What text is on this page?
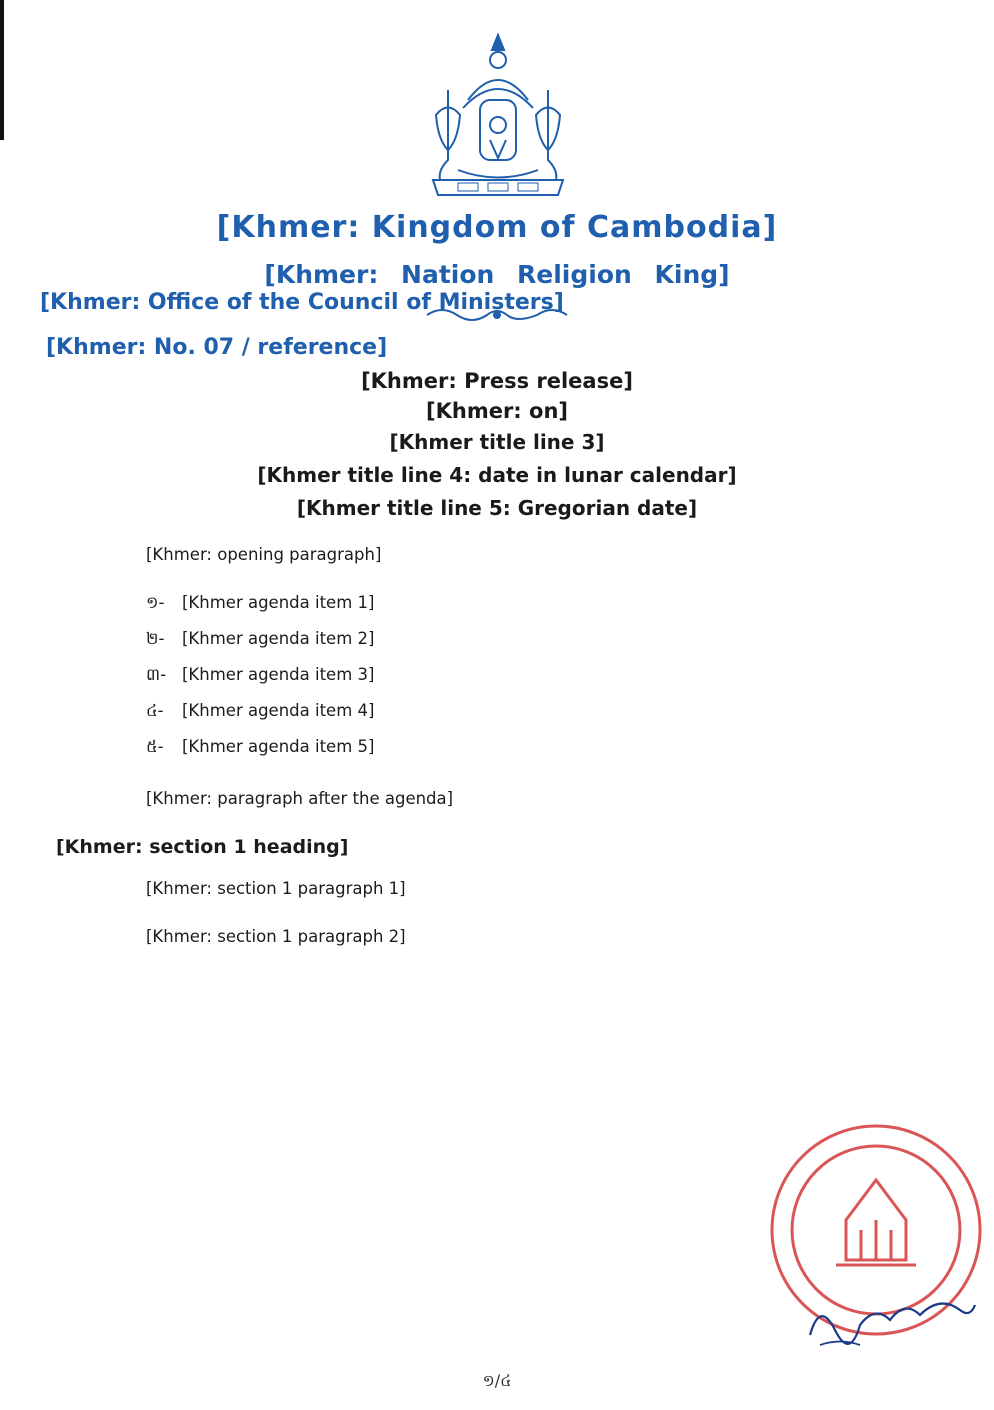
[Khmer: Kingdom of Cambodia]
[Khmer: Nation Religion King]
[Khmer: Office of the Council of Ministers]
[Khmer: No. 07 / reference]
[Khmer: Press release]
[Khmer: on]
[Khmer title line 3]
[Khmer title line 4: date in lunar calendar]
[Khmer title line 5: Gregorian date]

[Khmer: opening paragraph]

១-	[Khmer agenda item 1]
២-	[Khmer agenda item 2]
៣- [Khmer agenda item 3]
៤-	[Khmer agenda item 4]
៥-	[Khmer agenda item 5]

[Khmer: paragraph after the agenda]

[Khmer: section 1 heading]

[Khmer: section 1 paragraph 1]

[Khmer: section 1 paragraph 2]

១/៤
